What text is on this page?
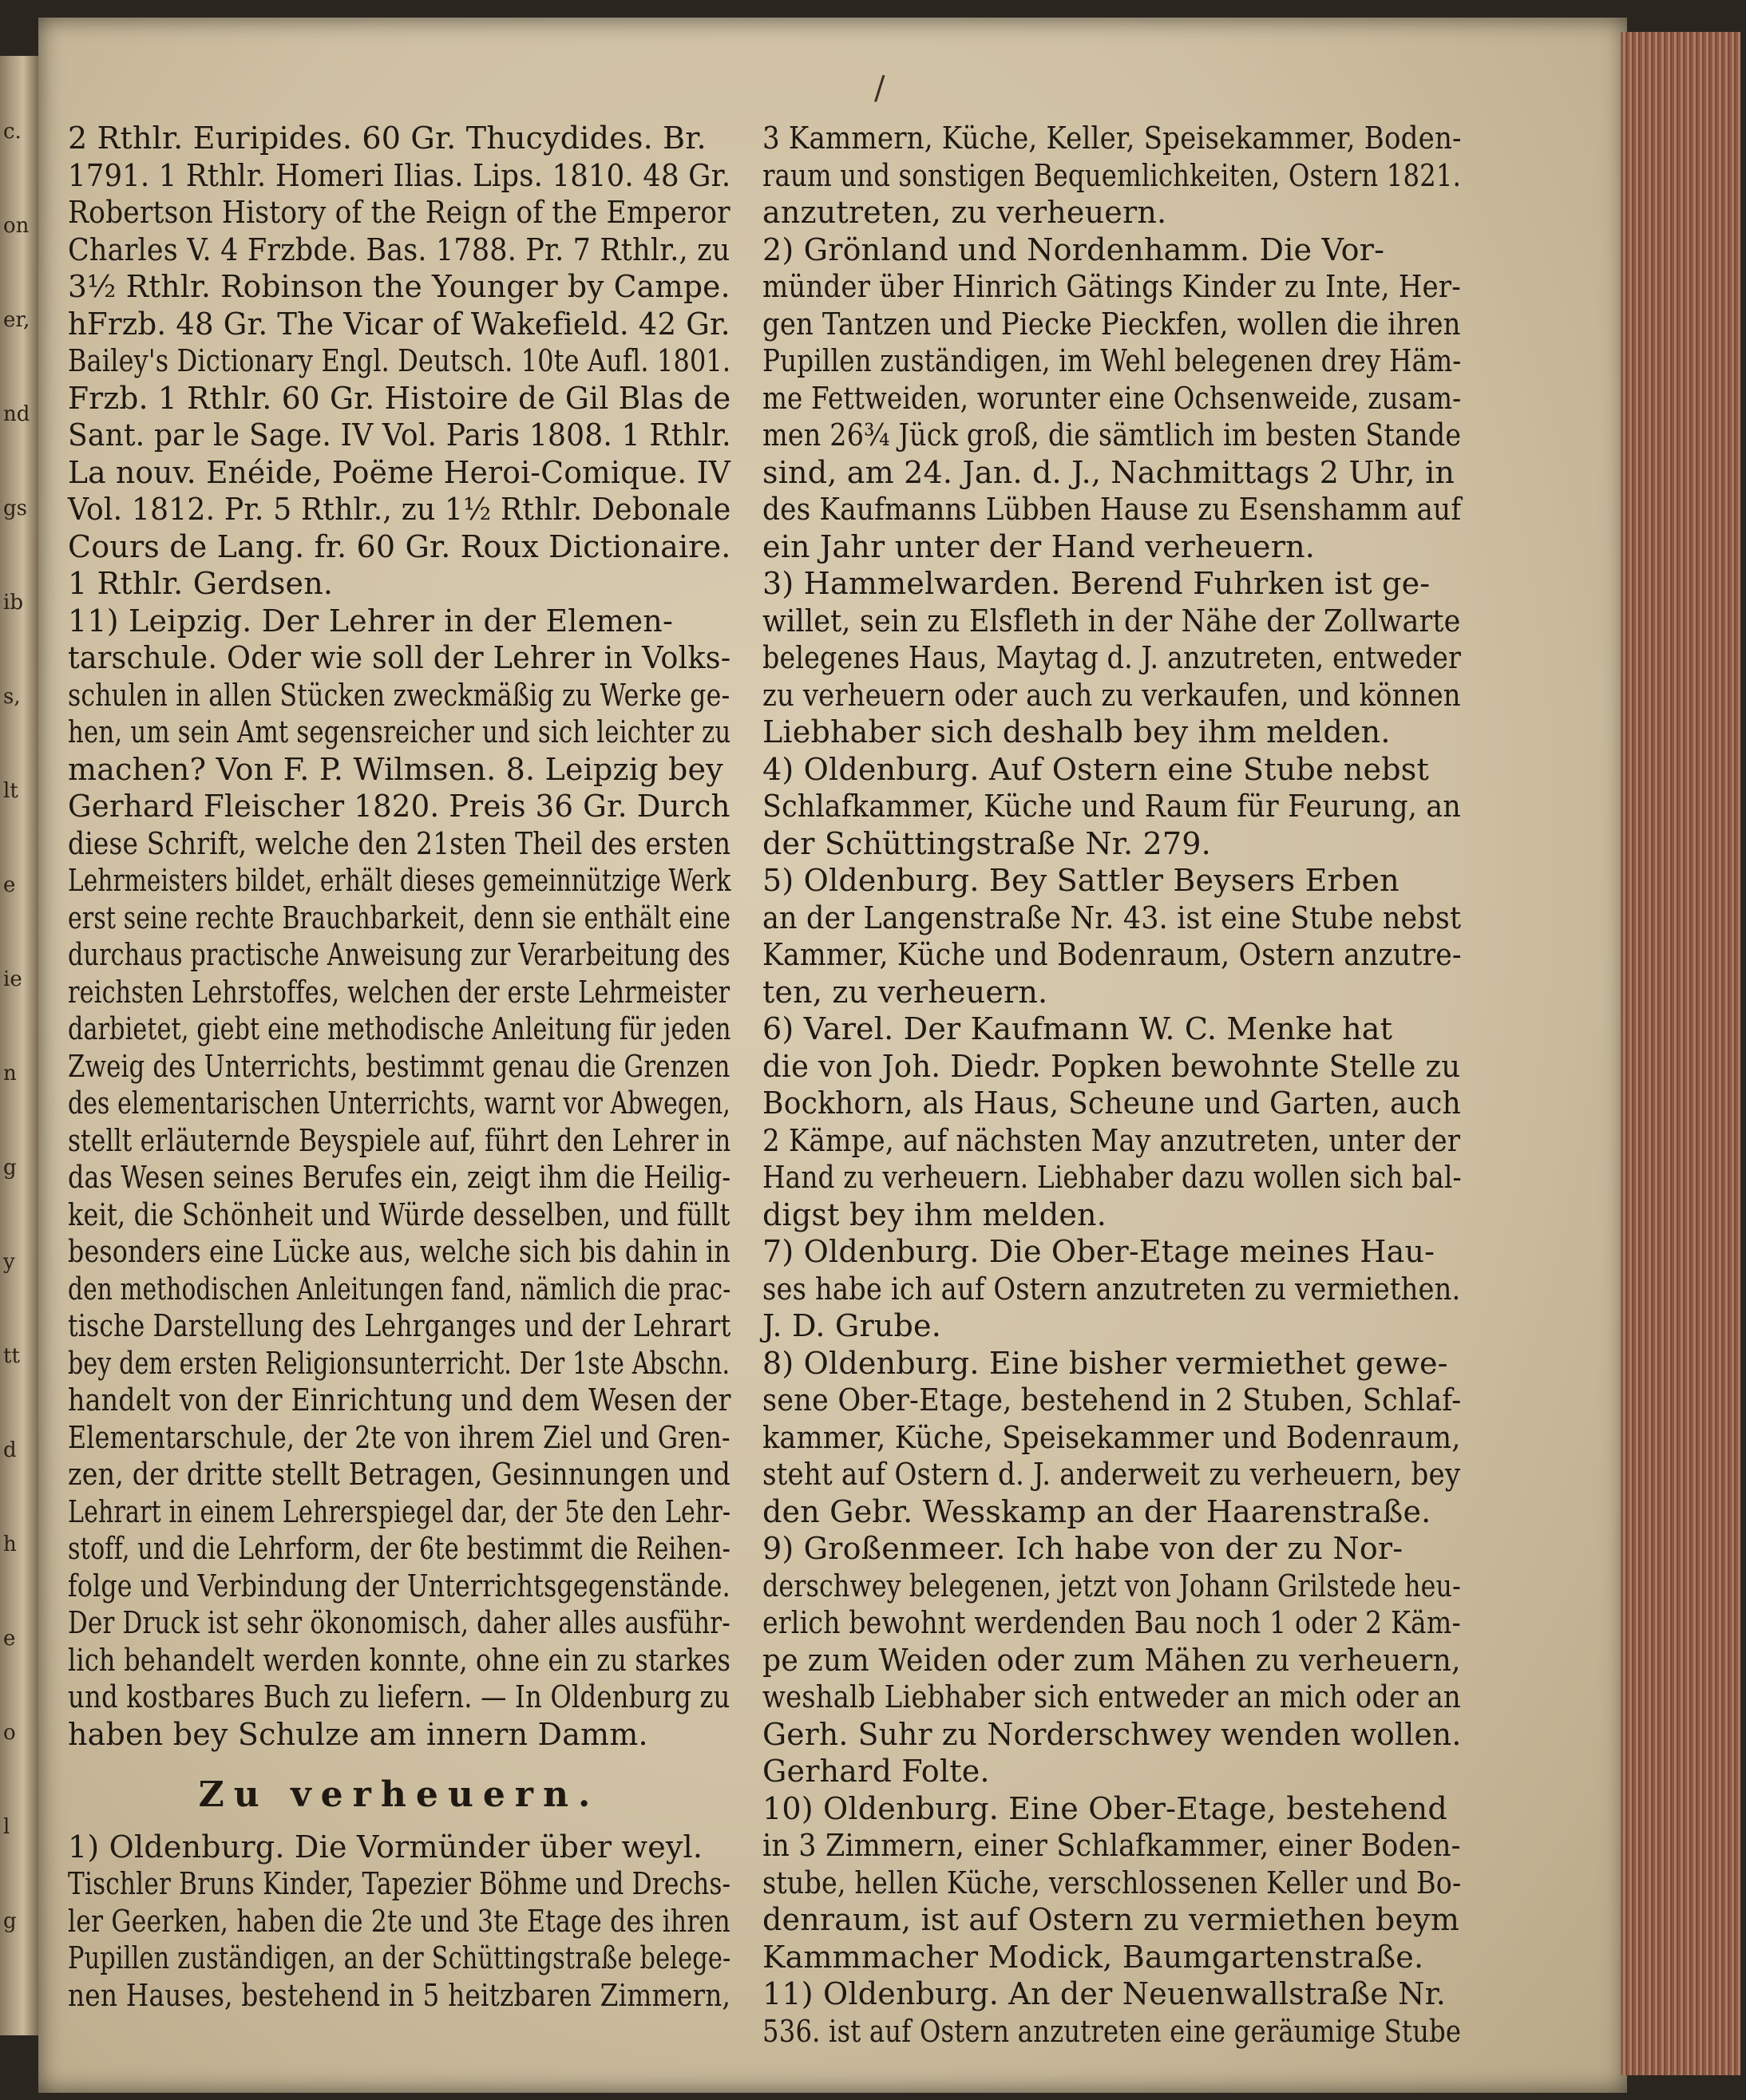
c.
on
er,
nd
gs
ib
s,
lt
e
ie
n
g
y
tt
d
h
e
o
l
g
/

2 Rthlr. Euripides. 60 Gr. Thucydides. Br.

1791. 1 Rthlr. Homeri Ilias. Lips. 1810. 48 Gr.

Robertson History of the Reign of the Emperor

Charles V. 4 Frzbde. Bas. 1788. Pr. 7 Rthlr., zu

3½ Rthlr. Robinson the Younger by Campe.

hFrzb. 48 Gr. The Vicar of Wakefield. 42 Gr.

Bailey's Dictionary Engl. Deutsch. 10te Aufl. 1801.

Frzb. 1 Rthlr. 60 Gr. Histoire de Gil Blas de

Sant. par le Sage. IV Vol. Paris 1808. 1 Rthlr.

La nouv. Enéide, Poëme Heroi-Comique. IV

Vol. 1812. Pr. 5 Rthlr., zu 1½ Rthlr. Debonale

Cours de Lang. fr. 60 Gr. Roux Dictionaire.

1 Rthlr. Gerdsen.

11) Leipzig. Der Lehrer in der Elemen-

tarschule. Oder wie soll der Lehrer in Volks-

schulen in allen Stücken zweckmäßig zu Werke ge-

hen, um sein Amt segensreicher und sich leichter zu

machen? Von F. P. Wilmsen. 8. Leipzig bey

Gerhard Fleischer 1820. Preis 36 Gr. Durch

diese Schrift, welche den 21sten Theil des ersten

Lehrmeisters bildet, erhält dieses gemeinnützige Werk

erst seine rechte Brauchbarkeit, denn sie enthält eine

durchaus practische Anweisung zur Verarbeitung des

reichsten Lehrstoffes, welchen der erste Lehrmeister

darbietet, giebt eine methodische Anleitung für jeden

Zweig des Unterrichts, bestimmt genau die Grenzen

des elementarischen Unterrichts, warnt vor Abwegen,

stellt erläuternde Beyspiele auf, führt den Lehrer in

das Wesen seines Berufes ein, zeigt ihm die Heilig-

keit, die Schönheit und Würde desselben, und füllt

besonders eine Lücke aus, welche sich bis dahin in

den methodischen Anleitungen fand, nämlich die prac-

tische Darstellung des Lehrganges und der Lehrart

bey dem ersten Religionsunterricht. Der 1ste Abschn.

handelt von der Einrichtung und dem Wesen der

Elementarschule, der 2te von ihrem Ziel und Gren-

zen, der dritte stellt Betragen, Gesinnungen und

Lehrart in einem Lehrerspiegel dar, der 5te den Lehr-

stoff, und die Lehrform, der 6te bestimmt die Reihen-

folge und Verbindung der Unterrichtsgegenstände.

Der Druck ist sehr ökonomisch, daher alles ausführ-

lich behandelt werden konnte, ohne ein zu starkes

und kostbares Buch zu liefern. — In Oldenburg zu

haben bey Schulze am innern Damm.

Zu verheuern.

1) Oldenburg. Die Vormünder über weyl.

Tischler Bruns Kinder, Tapezier Böhme und Drechs-

ler Geerken, haben die 2te und 3te Etage des ihren

Pupillen zuständigen, an der Schüttingstraße belege-

nen Hauses, bestehend in 5 heitzbaren Zimmern,

3 Kammern, Küche, Keller, Speisekammer, Boden-

raum und sonstigen Bequemlichkeiten, Ostern 1821.

anzutreten, zu verheuern.

2) Grönland und Nordenhamm. Die Vor-

münder über Hinrich Gätings Kinder zu Inte, Her-

gen Tantzen und Piecke Pieckfen, wollen die ihren

Pupillen zuständigen, im Wehl belegenen drey Häm-

me Fettweiden, worunter eine Ochsenweide, zusam-

men 26¾ Jück groß, die sämtlich im besten Stande

sind, am 24. Jan. d. J., Nachmittags 2 Uhr, in

des Kaufmanns Lübben Hause zu Esenshamm auf

ein Jahr unter der Hand verheuern.

3) Hammelwarden. Berend Fuhrken ist ge-

willet, sein zu Elsfleth in der Nähe der Zollwarte

belegenes Haus, Maytag d. J. anzutreten, entweder

zu verheuern oder auch zu verkaufen, und können

Liebhaber sich deshalb bey ihm melden.

4) Oldenburg. Auf Ostern eine Stube nebst

Schlafkammer, Küche und Raum für Feurung, an

der Schüttingstraße Nr. 279.

5) Oldenburg. Bey Sattler Beysers Erben

an der Langenstraße Nr. 43. ist eine Stube nebst

Kammer, Küche und Bodenraum, Ostern anzutre-

ten, zu verheuern.

6) Varel. Der Kaufmann W. C. Menke hat

die von Joh. Diedr. Popken bewohnte Stelle zu

Bockhorn, als Haus, Scheune und Garten, auch

2 Kämpe, auf nächsten May anzutreten, unter der

Hand zu verheuern. Liebhaber dazu wollen sich bal-

digst bey ihm melden.

7) Oldenburg. Die Ober-Etage meines Hau-

ses habe ich auf Ostern anzutreten zu vermiethen.

J. D. Grube.

8) Oldenburg. Eine bisher vermiethet gewe-

sene Ober-Etage, bestehend in 2 Stuben, Schlaf-

kammer, Küche, Speisekammer und Bodenraum,

steht auf Ostern d. J. anderweit zu verheuern, bey

den Gebr. Wesskamp an der Haarenstraße.

9) Großenmeer. Ich habe von der zu Nor-

derschwey belegenen, jetzt von Johann Grilstede heu-

erlich bewohnt werdenden Bau noch 1 oder 2 Käm-

pe zum Weiden oder zum Mähen zu verheuern,

weshalb Liebhaber sich entweder an mich oder an

Gerh. Suhr zu Norderschwey wenden wollen.

Gerhard Folte.

10) Oldenburg. Eine Ober-Etage, bestehend

in 3 Zimmern, einer Schlafkammer, einer Boden-

stube, hellen Küche, verschlossenen Keller und Bo-

denraum, ist auf Ostern zu vermiethen beym

Kammmacher Modick, Baumgartenstraße.

11) Oldenburg. An der Neuenwallstraße Nr.

536. ist auf Ostern anzutreten eine geräumige Stube
